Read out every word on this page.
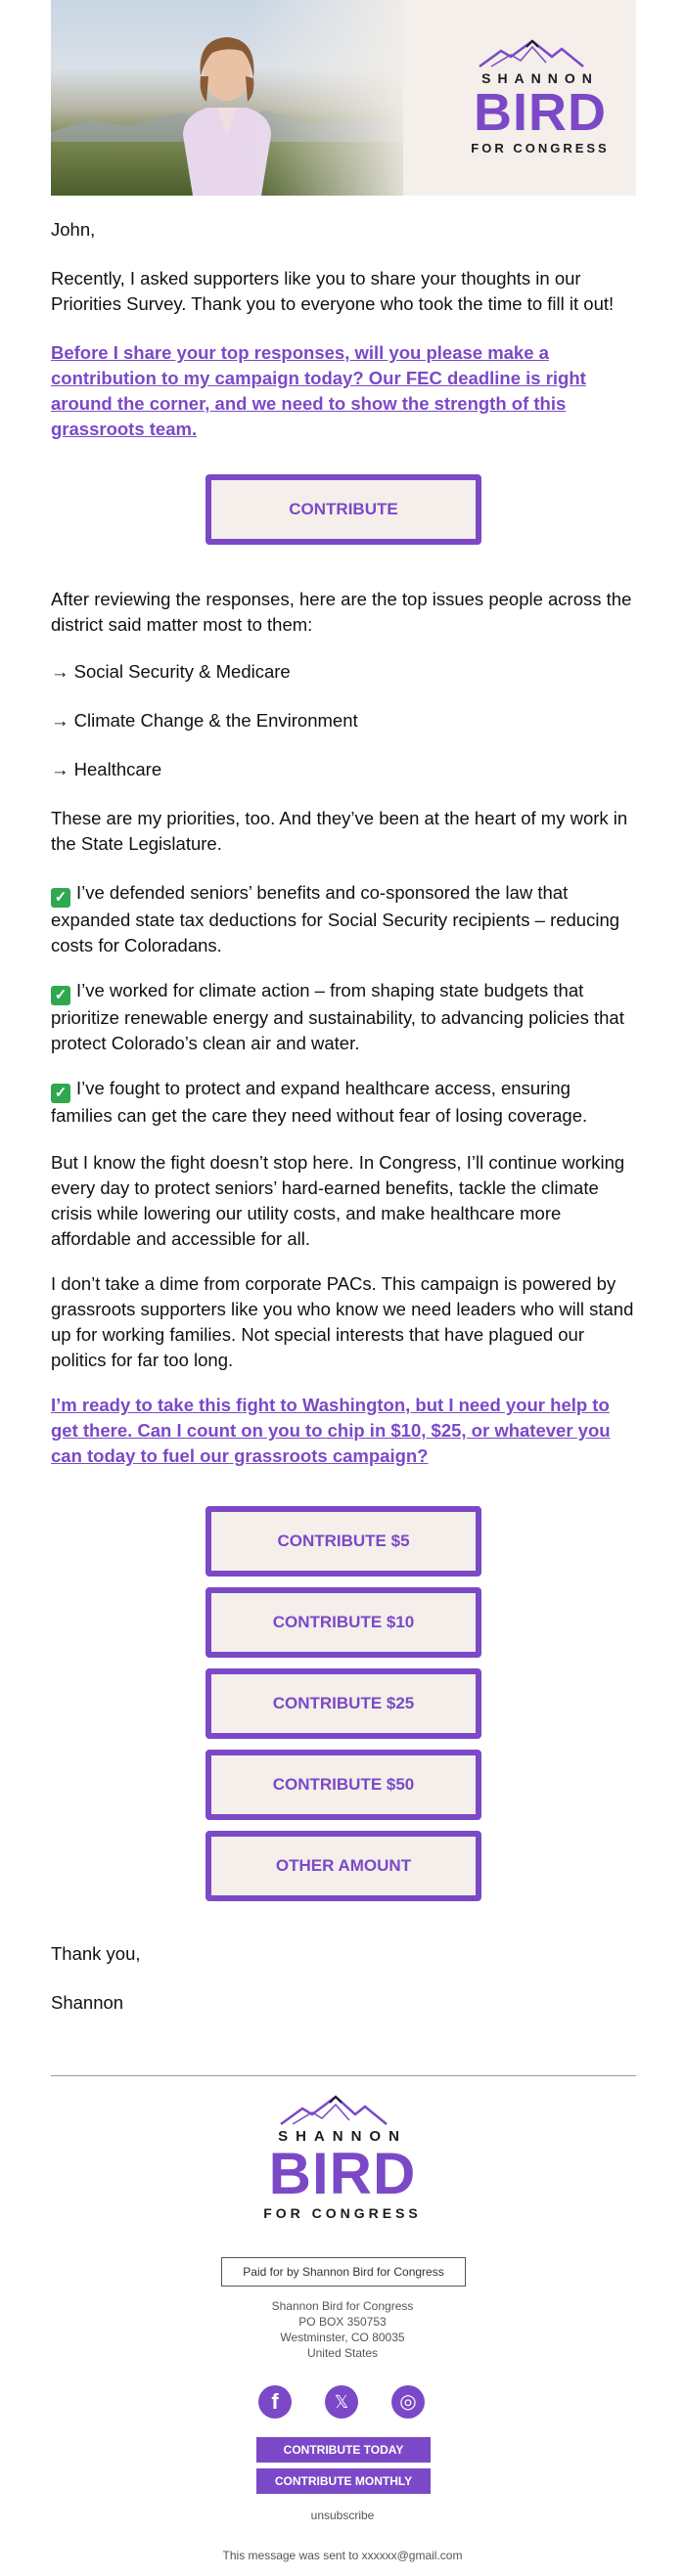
SHANNON
BIRD
FOR CONGRESS

John,

Recently, I asked supporters like you to share your thoughts in our Priorities Survey. Thank you to everyone who took the time to fill it out!

Before I share your top responses, will you please make a contribution to my campaign today? Our FEC deadline is right around the corner, and we need to show the strength of this grassroots team.

CONTRIBUTE

After reviewing the responses, here are the top issues people across the district said matter most to them:

→ Social Security & Medicare

→ Climate Change & the Environment

→ Healthcare

These are my priorities, too. And they’ve been at the heart of my work in the State Legislature.

✓ I’ve defended seniors’ benefits and co-sponsored the law that expanded state tax deductions for Social Security recipients – reducing costs for Coloradans.

✓ I’ve worked for climate action – from shaping state budgets that prioritize renewable energy and sustainability, to advancing policies that protect Colorado’s clean air and water.

✓ I’ve fought to protect and expand healthcare access, ensuring families can get the care they need without fear of losing coverage.

But I know the fight doesn’t stop here. In Congress, I’ll continue working every day to protect seniors’ hard-earned benefits, tackle the climate crisis while lowering our utility costs, and make healthcare more affordable and accessible for all.

I don’t take a dime from corporate PACs. This campaign is powered by grassroots supporters like you who know we need leaders who will stand up for working families. Not special interests that have plagued our politics for far too long.

I’m ready to take this fight to Washington, but I need your help to get there. Can I count on you to chip in $10, $25, or whatever you can today to fuel our grassroots campaign?

CONTRIBUTE $5
CONTRIBUTE $10
CONTRIBUTE $25
CONTRIBUTE $50
OTHER AMOUNT

Thank you,

Shannon

SHANNON
BIRD
FOR CONGRESS
Paid for by Shannon Bird for Congress
Shannon Bird for Congress
PO BOX 350753
Westminster, CO 80035
United States
f	𝕏	◎
CONTRIBUTE TODAY
CONTRIBUTE MONTHLY
unsubscribe
This message was sent to xxxxxx@gmail.com
